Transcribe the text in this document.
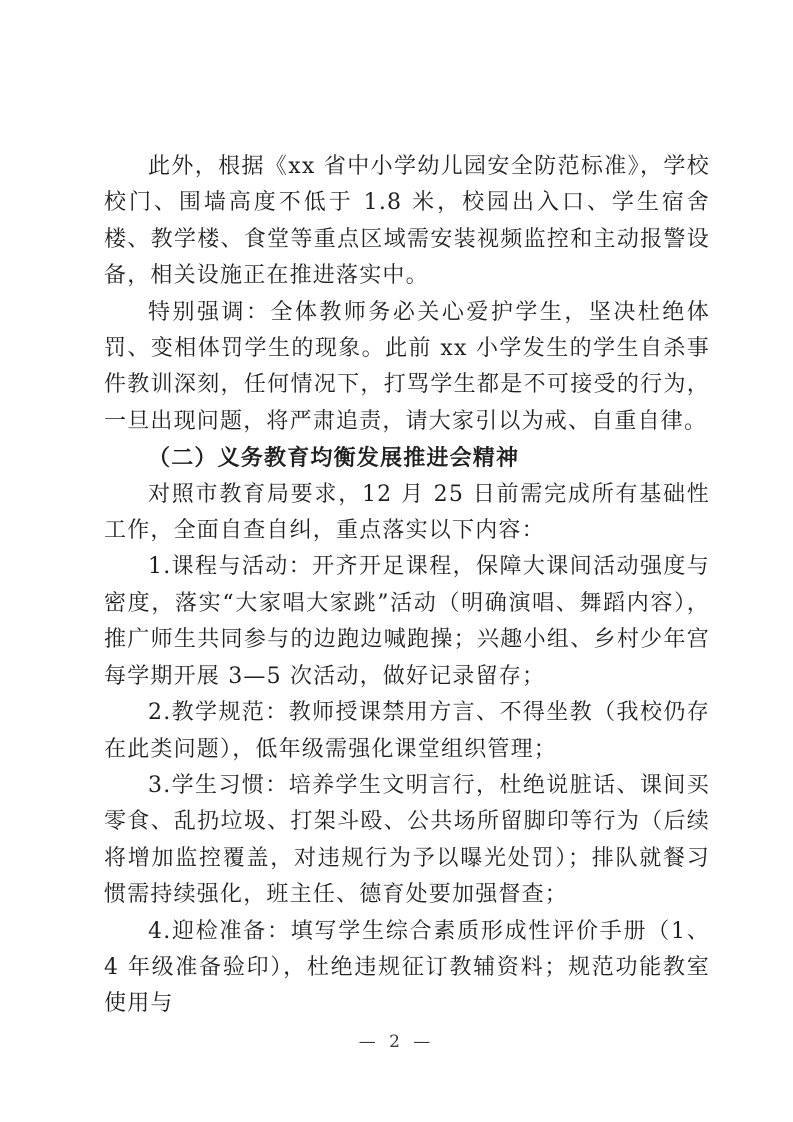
此外，根据《xx 省中小学幼儿园安全防范标准》，学校校门、围墙高度不低于 1.8 米，校园出入口、学生宿舍楼、教学楼、食堂等重点区域需安装视频监控和主动报警设备，相关设施正在推进落实中。

特别强调：全体教师务必关心爱护学生，坚决杜绝体罚、变相体罚学生的现象。此前 xx 小学发生的学生自杀事件教训深刻，任何情况下，打骂学生都是不可接受的行为，一旦出现问题，将严肃追责，请大家引以为戒、自重自律。

（二）义务教育均衡发展推进会精神

对照市教育局要求，12 月 25 日前需完成所有基础性工作，全面自查自纠，重点落实以下内容：

1.课程与活动：开齐开足课程，保障大课间活动强度与密度，落实“大家唱大家跳”活动（明确演唱、舞蹈内容），推广师生共同参与的边跑边喊跑操；兴趣小组、乡村少年宫每学期开展 3—5 次活动，做好记录留存；

2.教学规范：教师授课禁用方言、不得坐教（我校仍存在此类问题），低年级需强化课堂组织管理；

3.学生习惯：培养学生文明言行，杜绝说脏话、课间买零食、乱扔垃圾、打架斗殴、公共场所留脚印等行为（后续将增加监控覆盖，对违规行为予以曝光处罚）；排队就餐习惯需持续强化，班主任、德育处要加强督查；

4.迎检准备：填写学生综合素质形成性评价手册（1、4 年级准备验印），杜绝违规征订教辅资料；规范功能教室使用与

— 2 —
